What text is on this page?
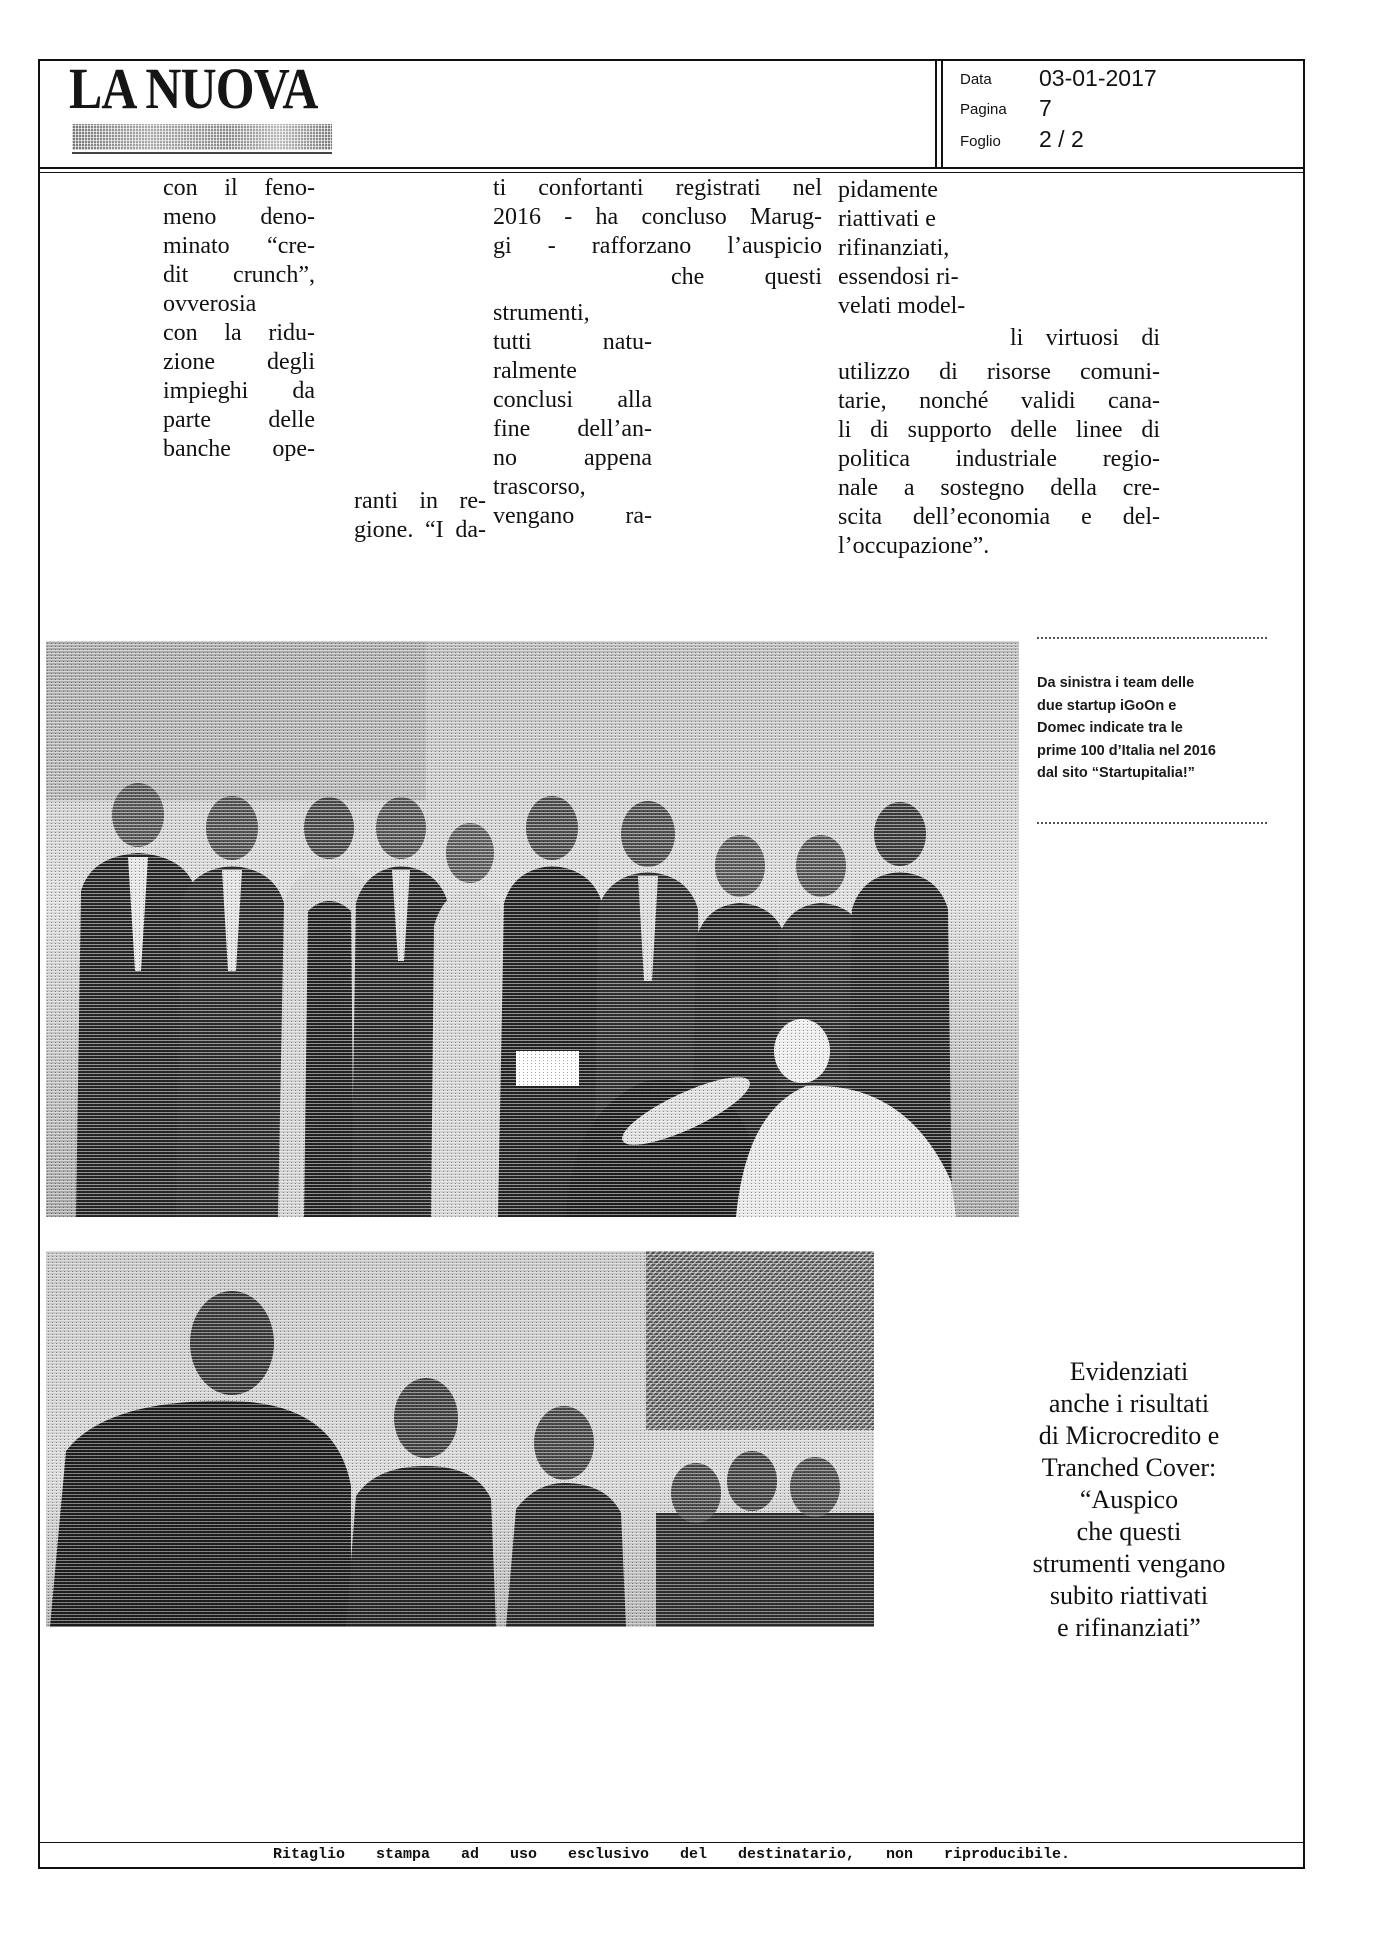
LA NUOVA	Data 03-01-2017
Pagina 7
Foglio 2 / 2
con il feno-
meno deno-
minato “cre-
dit crunch”,
ovverosia
con la ridu-
zione degli
impieghi da
parte delle
banche ope-
ranti in re-
gione. “I da-
ti confortanti registrati nel
2016 - ha concluso Marug-
gi - rafforzano l’auspicio
che questi
strumenti,
tutti natu-
ralmente
conclusi alla
fine dell’an-
no appena
trascorso,
vengano ra-
pidamente
riattivati e
rifinanziati,
essendosi ri-
velati model-
li virtuosi di
utilizzo di risorse comuni-
tarie, nonché validi cana-
li di supporto delle linee di
politica industriale regio-
nale a sostegno della cre-
scita dell’economia e del-
l’occupazione”.
Da sinistra i team delle
due startup iGoOn e
Domec indicate tra le
prime 100 d’Italia nel 2016
dal sito “Startupitalia!”
Evidenziati
anche i risultati
di Microcredito e
Tranched Cover:
“Auspico
che questi
strumenti vengano
subito riattivati
e rifinanziati”
Ritaglio stampa ad uso esclusivo del destinatario, non riproducibile.
